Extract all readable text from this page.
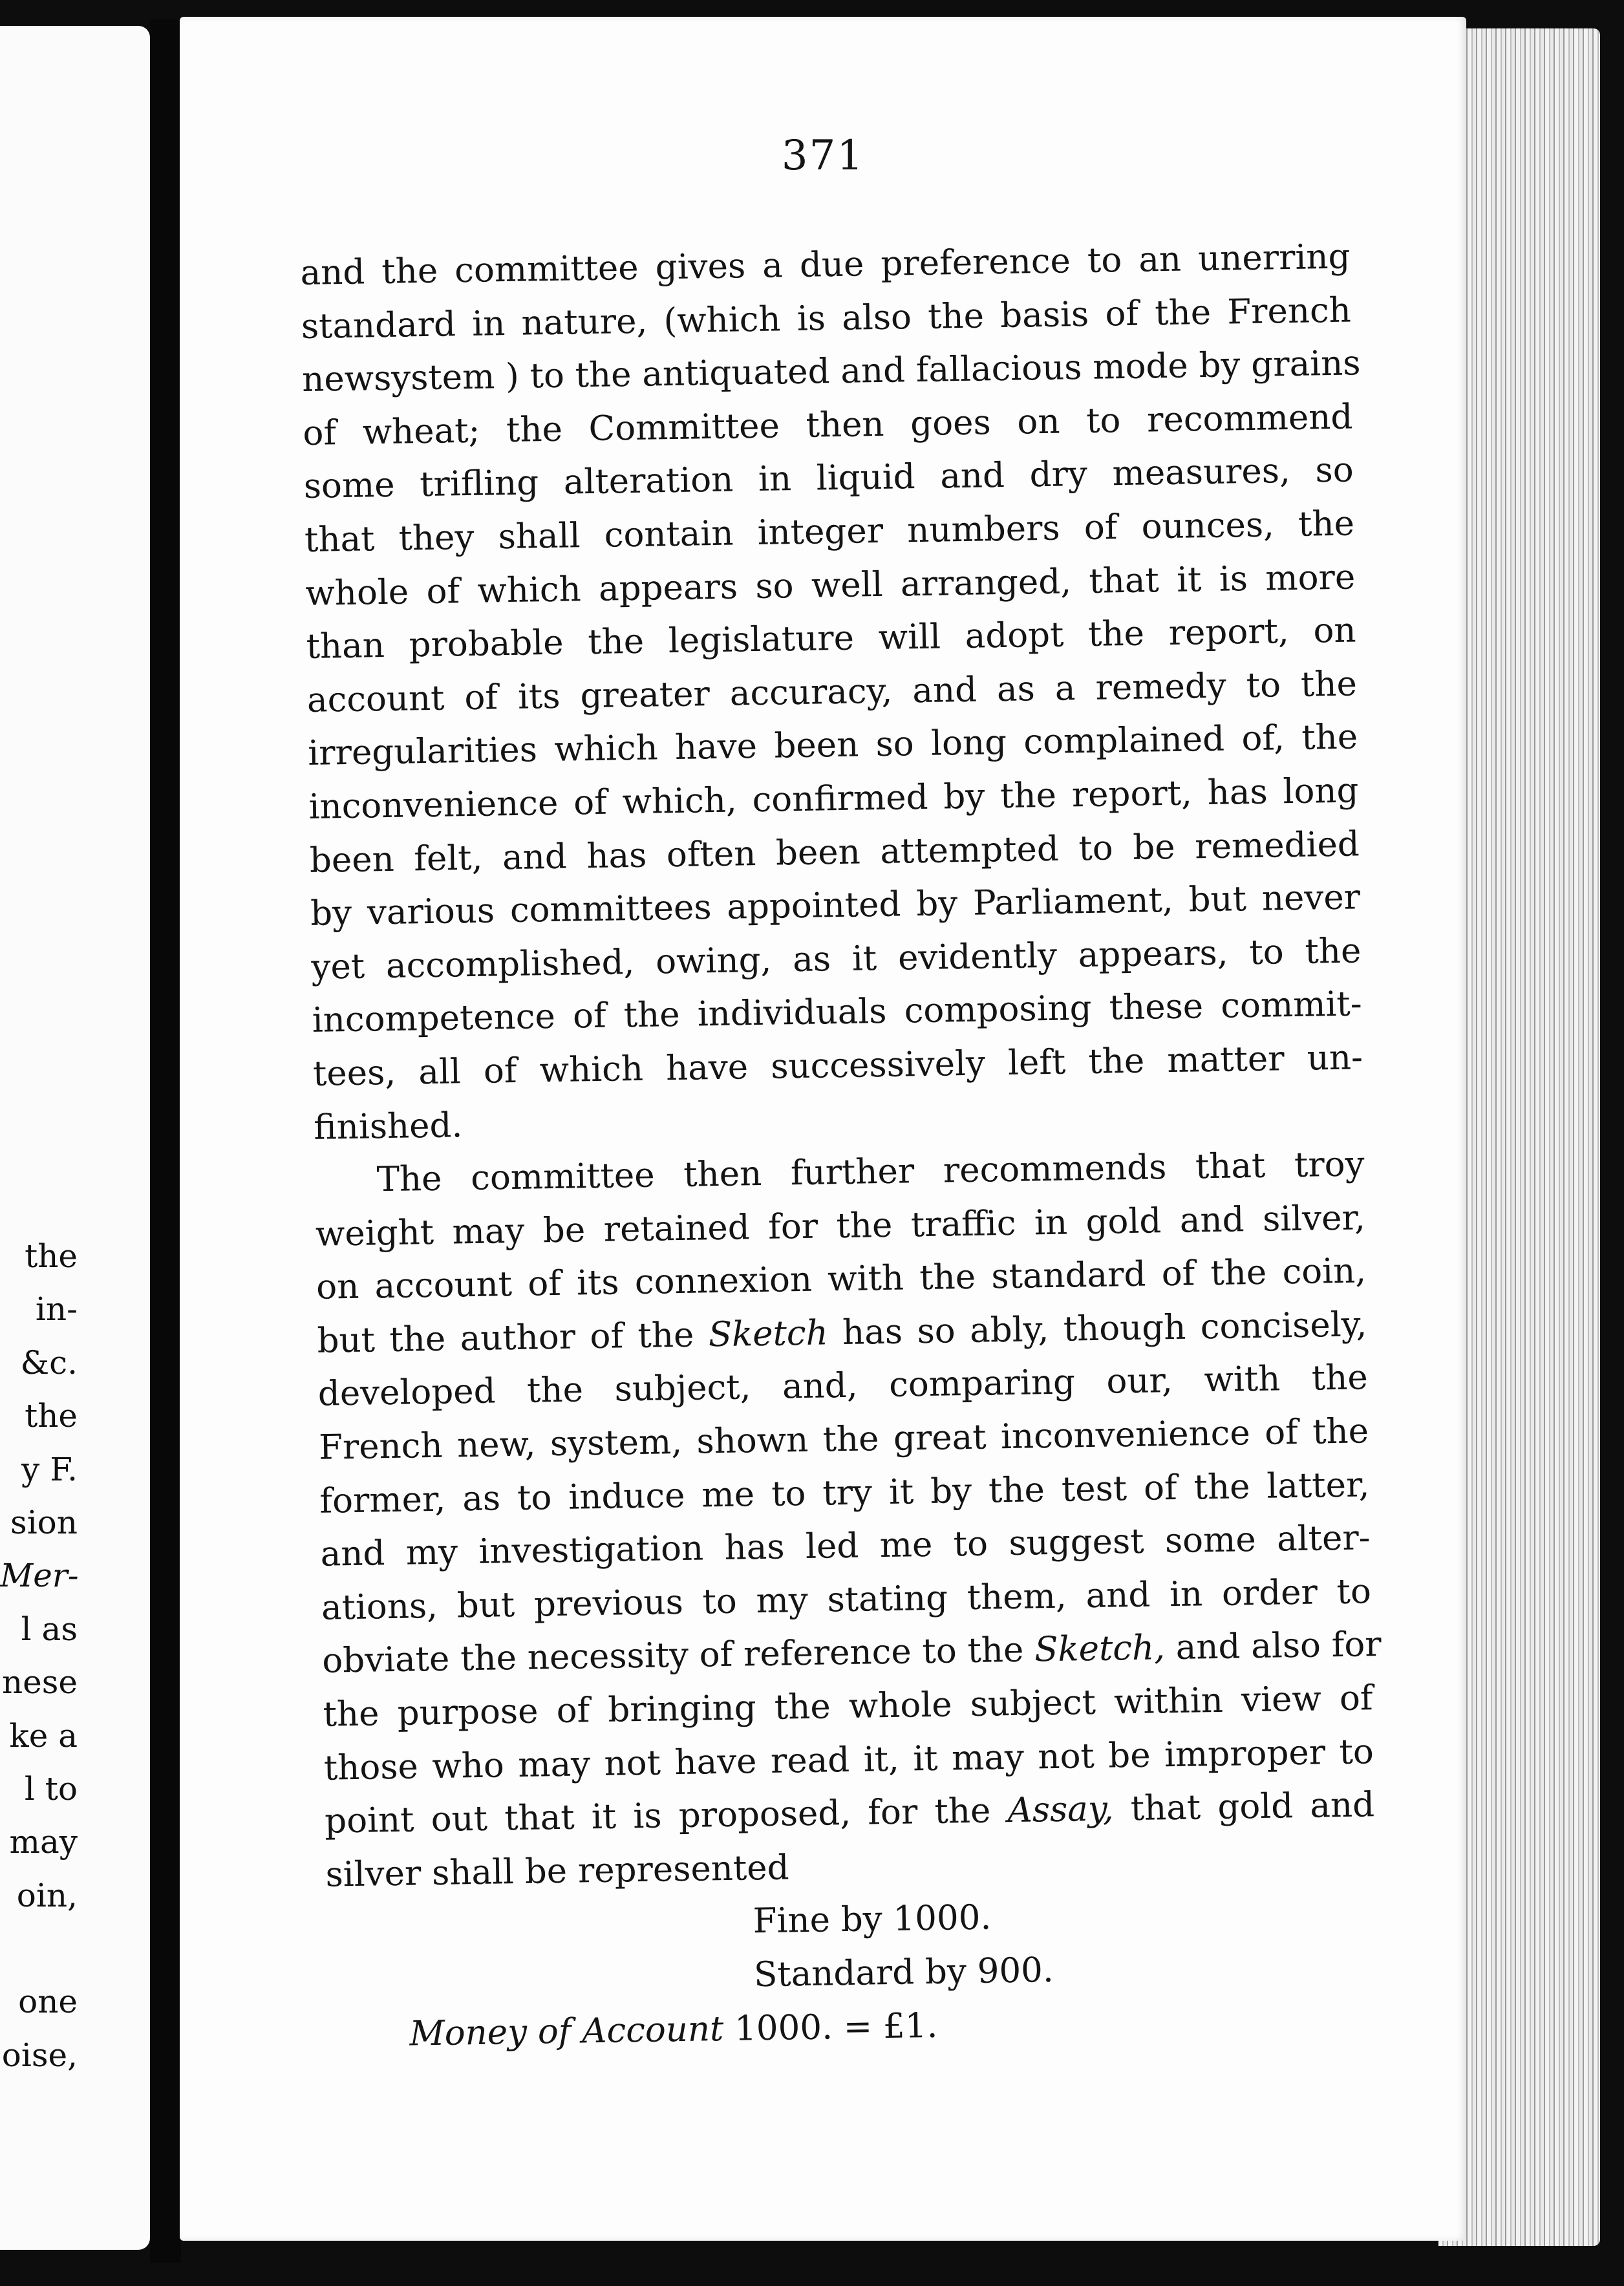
the
in-
&c.
the
y F.
sion
Mer-
l as
nese
ke a
l to
may
oin,
one
oise,
371
and the committee gives a due preference to an unerring
standard in nature, (which is also the basis of the French
newsystem ) to the antiquated and fallacious mode by grains
of wheat; the Committee then goes on to recommend
some trifling alteration in liquid and dry measures, so
that they shall contain integer numbers of ounces, the
whole of which appears so well arranged, that it is more
than probable the legislature will adopt the report, on
account of its greater accuracy, and as a remedy to the
irregularities which have been so long complained of, the
inconvenience of which, confirmed by the report, has long
been felt, and has often been attempted to be remedied
by various committees appointed by Parliament, but never
yet accomplished, owing, as it evidently appears, to the
incompetence of the individuals composing these commit-
tees, all of which have successively left the matter un-
finished.
The committee then further recommends that troy
weight may be retained for the traffic in gold and silver,
on account of its connexion with the standard of the coin,
but the author of the Sketch has so ably, though concisely,
developed the subject, and, comparing our, with the
French new, system, shown the great inconvenience of the
former, as to induce me to try it by the test of the latter,
and my investigation has led me to suggest some alter-
ations, but previous to my stating them, and in order to
obviate the necessity of reference to the Sketch, and also for
the purpose of bringing the whole subject within view of
those who may not have read it, it may not be improper to
point out that it is proposed, for the Assay, that gold and
silver shall be represented
Fine by 1000.
Standard by 900.
Money of Account 1000. = £1.
